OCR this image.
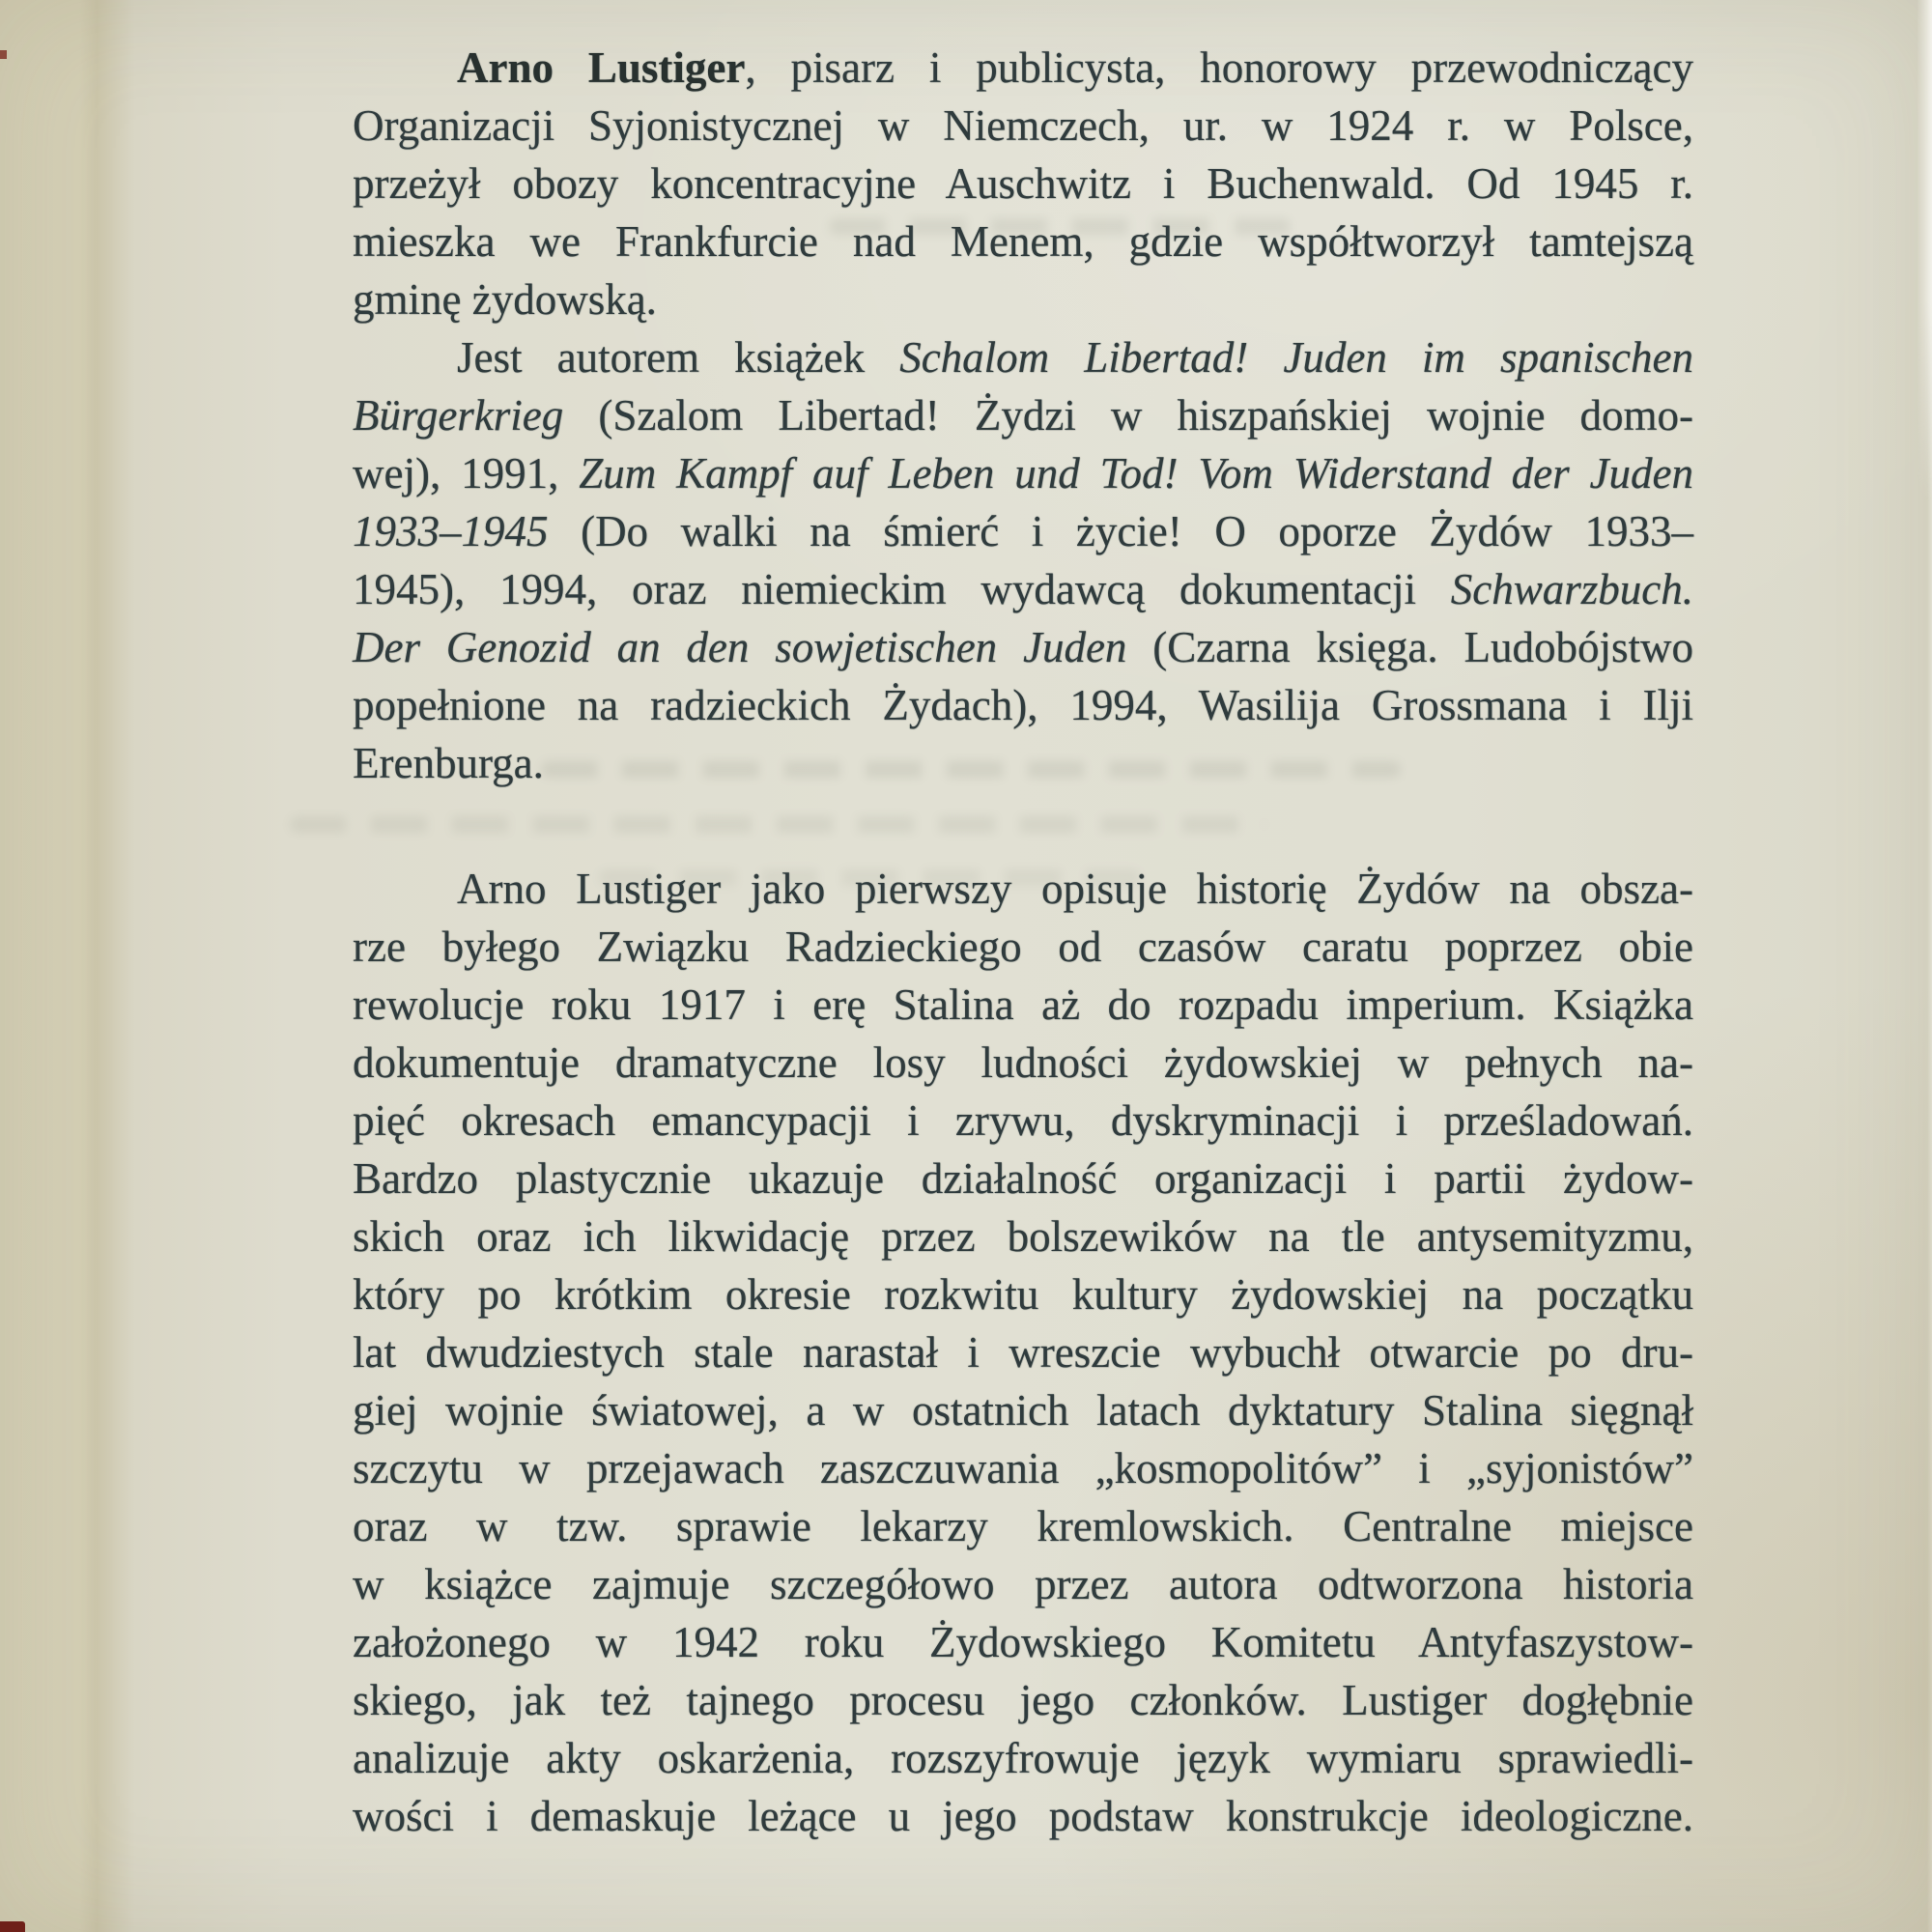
Arno Lustiger, pisarz i publicysta, honorowy przewodniczący
Organizacji Syjonistycznej w Niemczech, ur. w 1924 r. w Polsce,
przeżył obozy koncentracyjne Auschwitz i Buchenwald. Od 1945 r.
mieszka we Frankfurcie nad Menem, gdzie współtworzył tamtejszą
gminę żydowską.
Jest autorem książek Schalom Libertad! Juden im spanischen
Bürgerkrieg (Szalom Libertad! Żydzi w hiszpańskiej wojnie domo-
wej), 1991, Zum Kampf auf Leben und Tod! Vom Widerstand der Juden
1933–1945 (Do walki na śmierć i życie! O oporze Żydów 1933–
1945), 1994, oraz niemieckim wydawcą dokumentacji Schwarzbuch.
Der Genozid an den sowjetischen Juden (Czarna księga. Ludobójstwo
popełnione na radzieckich Żydach), 1994, Wasilija Grossmana i Ilji
Erenburga.
Arno Lustiger jako pierwszy opisuje historię Żydów na obsza-
rze byłego Związku Radzieckiego od czasów caratu poprzez obie
rewolucje roku 1917 i erę Stalina aż do rozpadu imperium. Książka
dokumentuje dramatyczne losy ludności żydowskiej w pełnych na-
pięć okresach emancypacji i zrywu, dyskryminacji i prześladowań.
Bardzo plastycznie ukazuje działalność organizacji i partii żydow-
skich oraz ich likwidację przez bolszewików na tle antysemityzmu,
który po krótkim okresie rozkwitu kultury żydowskiej na początku
lat dwudziestych stale narastał i wreszcie wybuchł otwarcie po dru-
giej wojnie światowej, a w ostatnich latach dyktatury Stalina sięgnął
szczytu w przejawach zaszczuwania „kosmopolitów” i „syjonistów”
oraz w tzw. sprawie lekarzy kremlowskich. Centralne miejsce
w książce zajmuje szczegółowo przez autora odtworzona historia
założonego w 1942 roku Żydowskiego Komitetu Antyfaszystow-
skiego, jak też tajnego procesu jego członków. Lustiger dogłębnie
analizuje akty oskarżenia, rozszyfrowuje język wymiaru sprawiedli-
wości i demaskuje leżące u jego podstaw konstrukcje ideologiczne.
